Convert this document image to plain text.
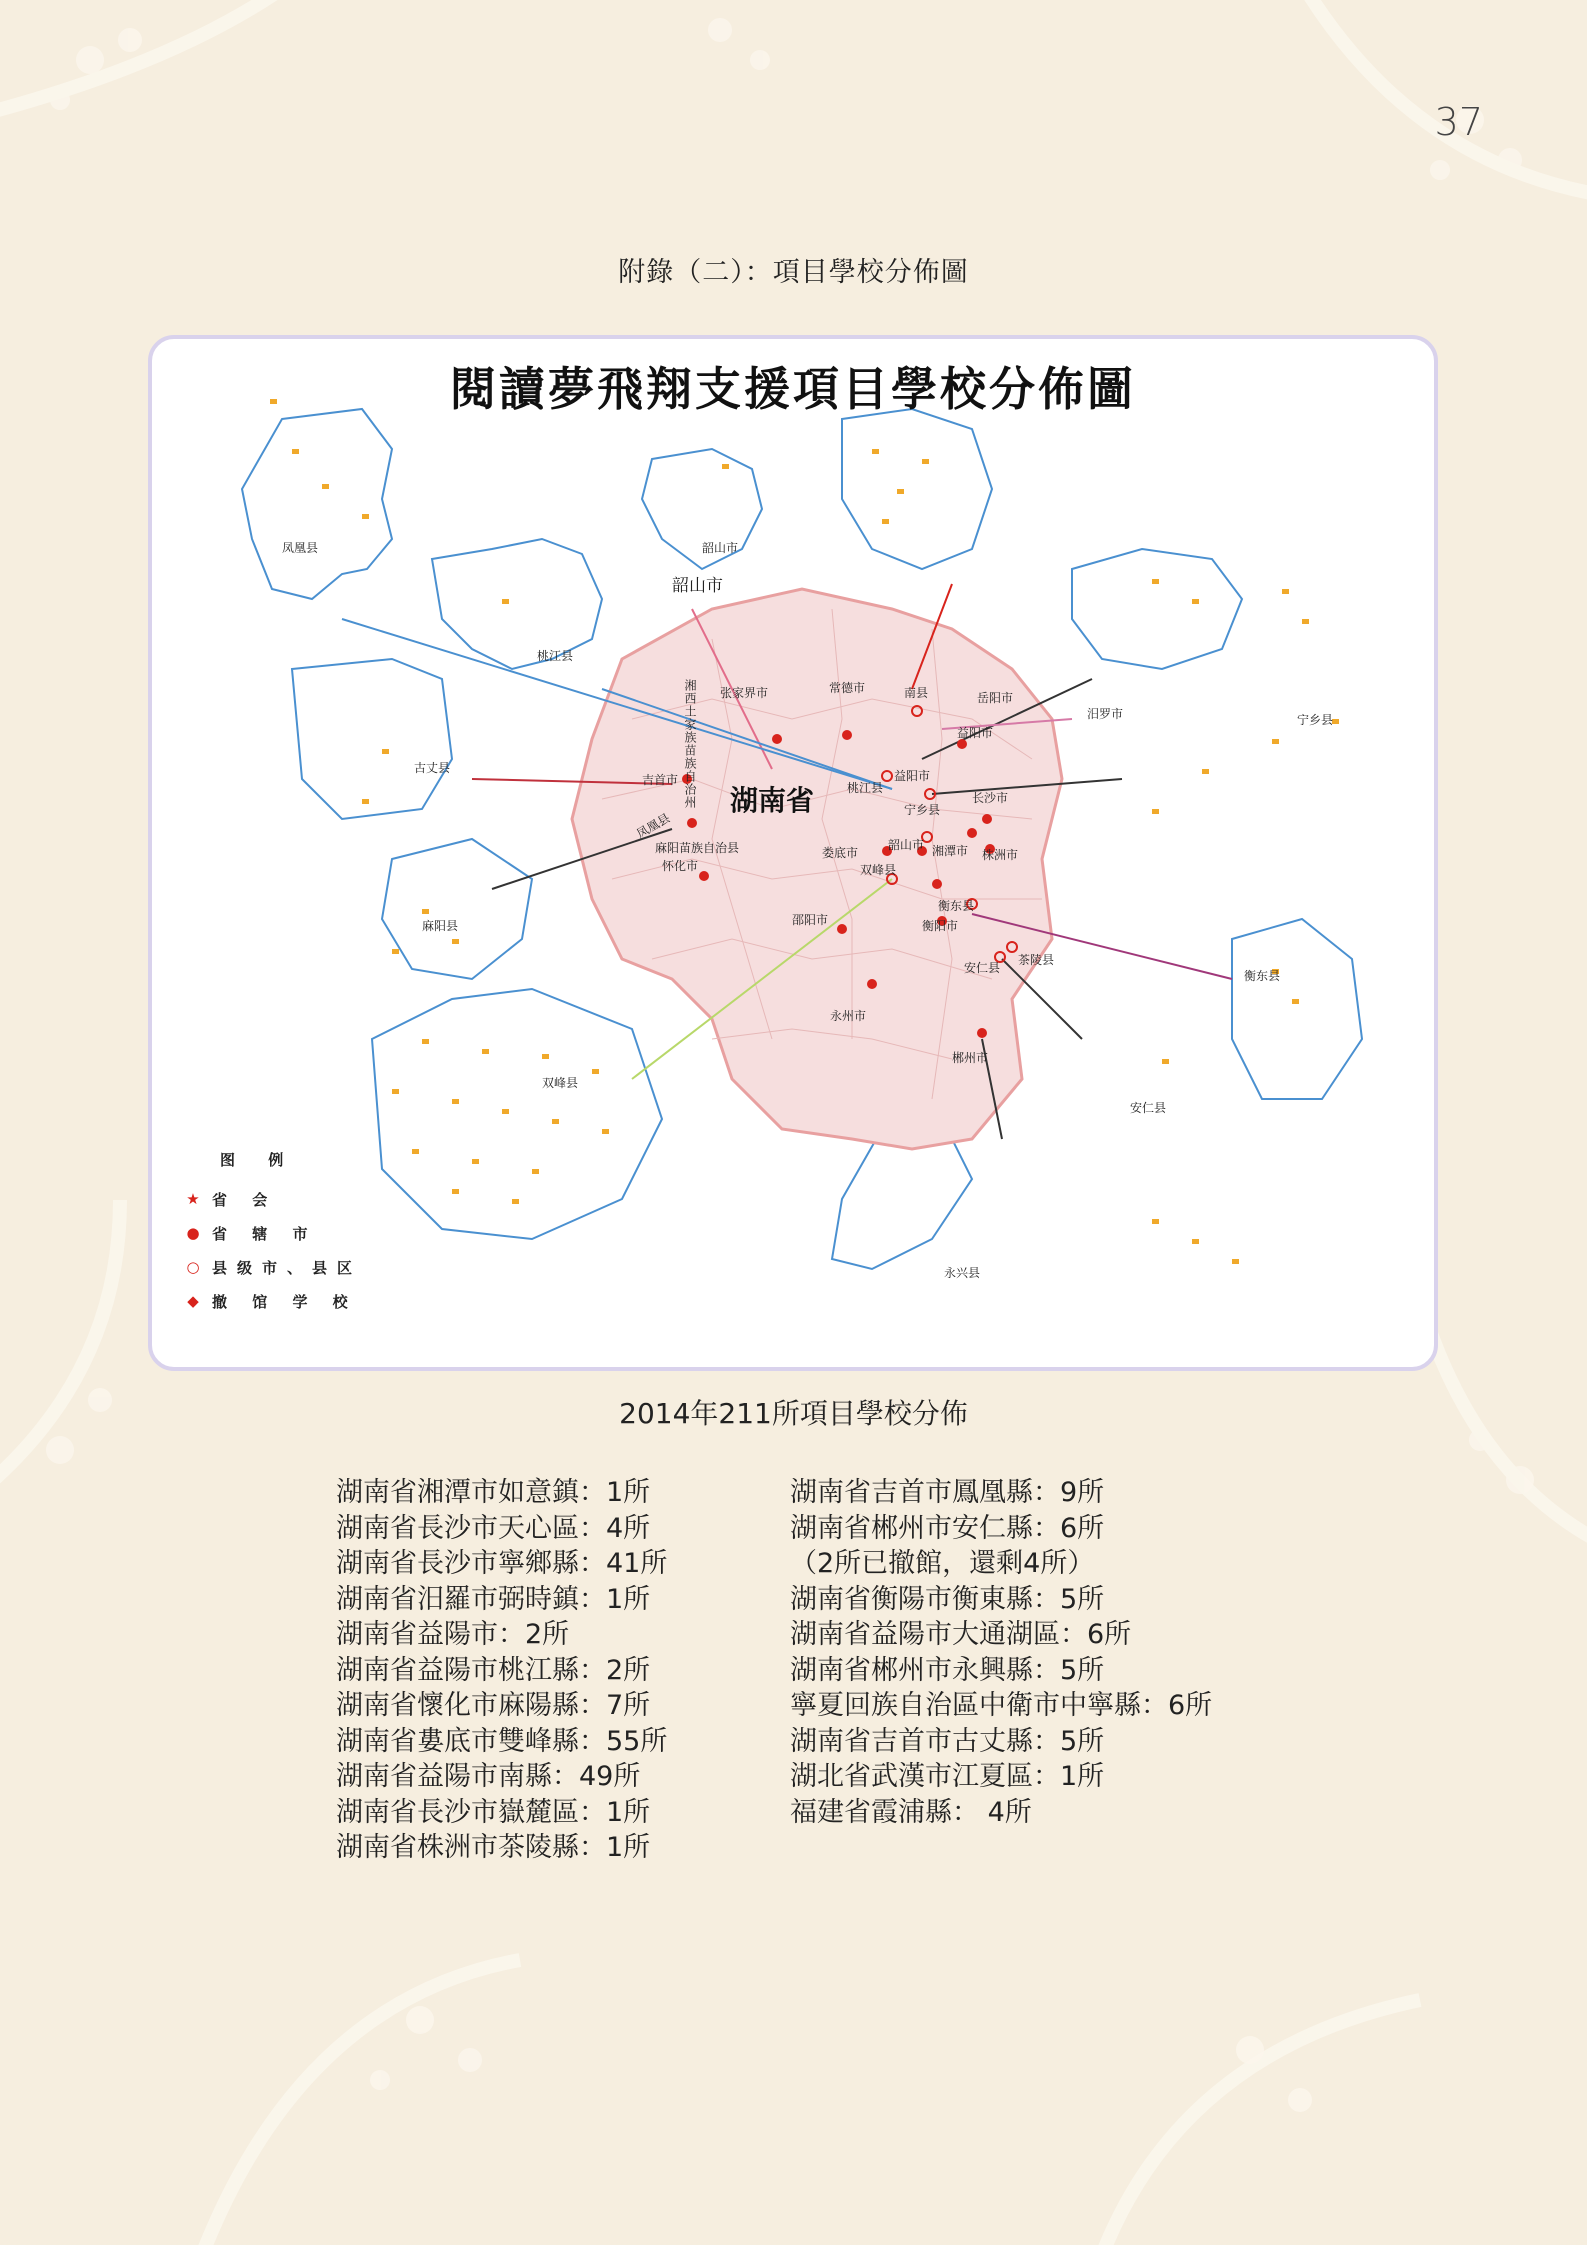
37
附錄（二）：項目學校分佈圖
閱讀夢飛翔支援項目學校分佈圖
凤凰县	韶山市
韶山市
桃江县
古丈县
麻阳县
张家界市	常德市	南县	岳阳市
汨罗市
益阳市
宁乡县
益阳市
桃江县
宁乡县
长沙市
湖南省
吉首市 湘西土家族苗族自治州
凤凰县
麻阳苗族自治县
怀化市
娄底市
韶山市 湘潭市 株洲市
双峰县
邵阳市
衡东县
衡阳市
茶陵县
安仁县
永州市
郴州市
衡东县
安仁县
永兴县
双峰县
图 例
★ 省 会
● 省 辖 市
○ 县级市、县区
◆ 撤 馆 学 校
2014年211所項目學校分佈
湖南省湘潭市如意鎮：1所
湖南省長沙市天心區：4所
湖南省長沙市寧鄉縣：41所
湖南省汨羅市弼時鎮：1所
湖南省益陽市：2所
湖南省益陽市桃江縣：2所
湖南省懷化市麻陽縣：7所
湖南省婁底市雙峰縣：55所
湖南省益陽市南縣：49所
湖南省長沙市嶽麓區：1所
湖南省株洲市茶陵縣：1所
湖南省吉首市鳳凰縣：9所
湖南省郴州市安仁縣：6所
（2所已撤館，還剩4所）
湖南省衡陽市衡東縣：5所
湖南省益陽市大通湖區：6所
湖南省郴州市永興縣：5所
寧夏回族自治區中衛市中寧縣：6所
湖南省吉首市古丈縣：5所
湖北省武漢市江夏區：1所
福建省霞浦縣： 4所
